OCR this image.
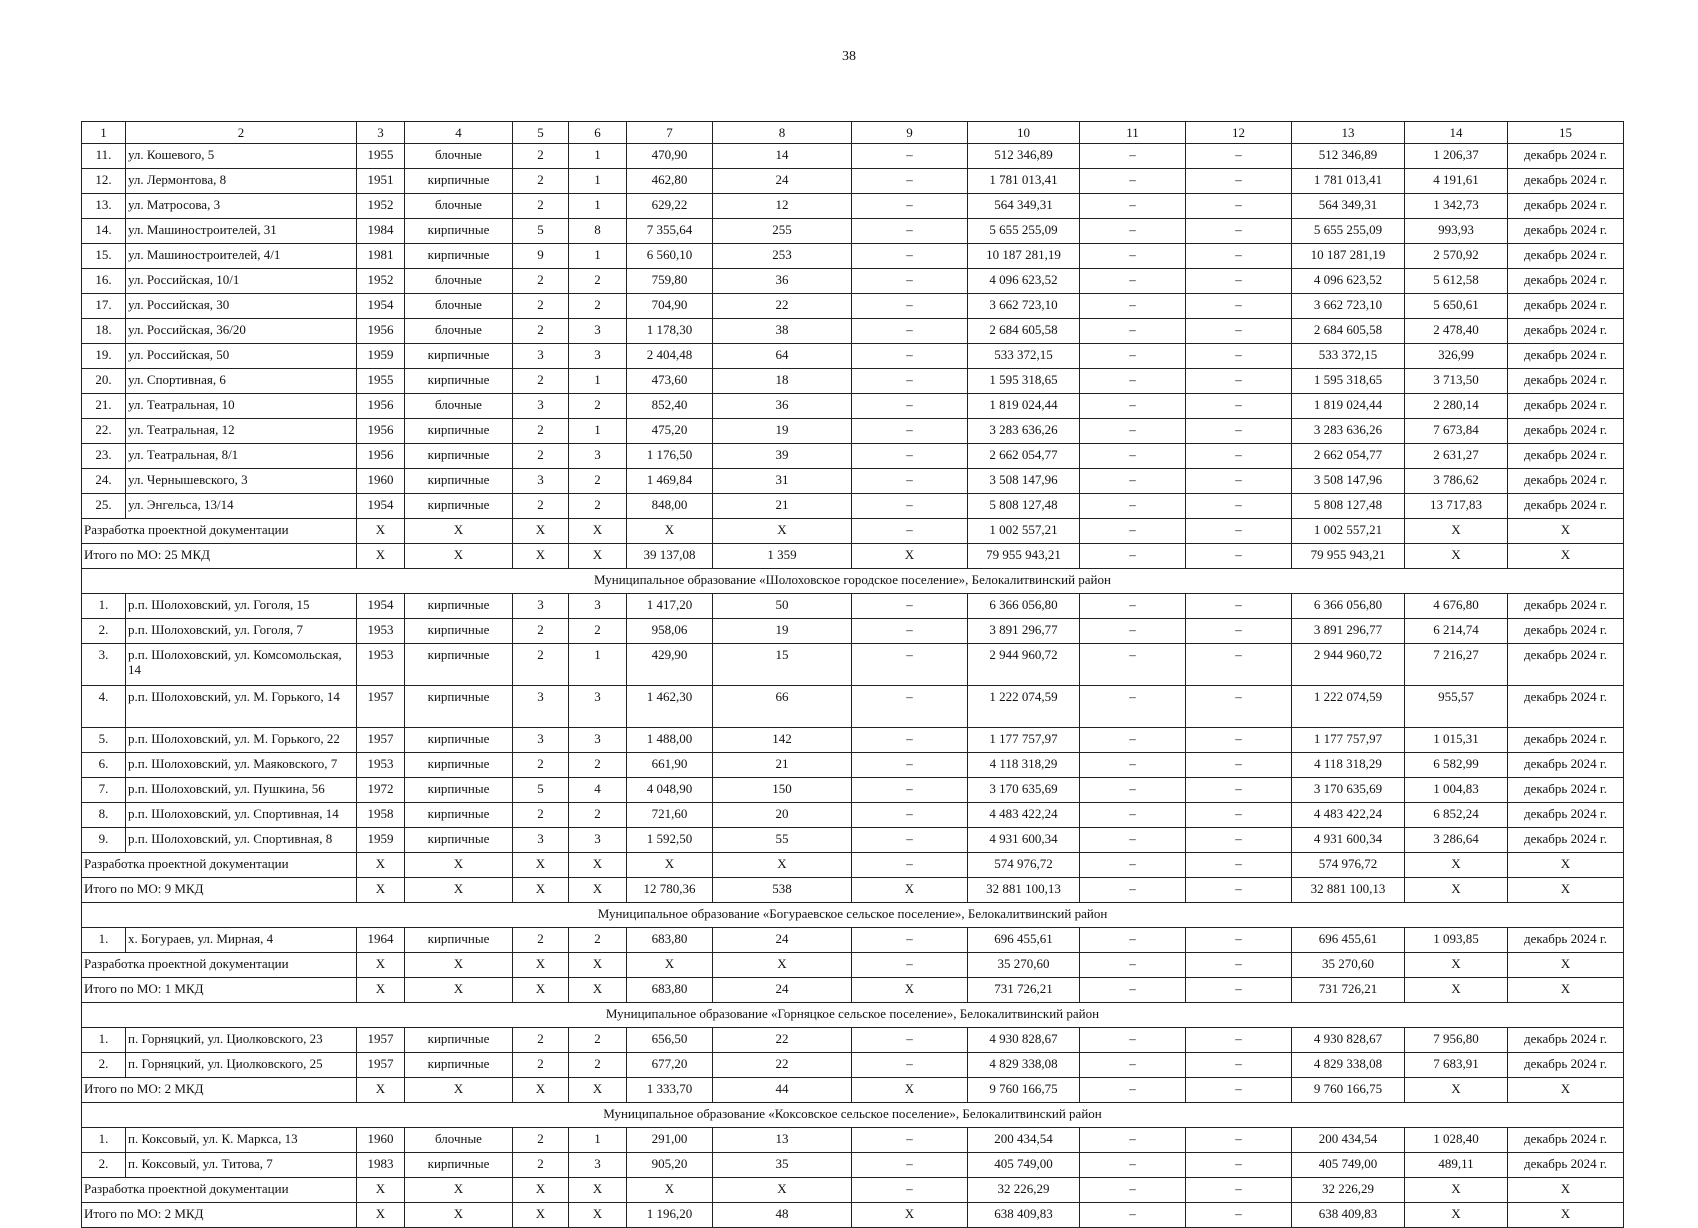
38
1	2	3	4	5	6	7	8	9	10	11	12	13	14	15
11.	ул. Кошевого, 5	1955	блочные	2	1	470,90	14	–	512 346,89	–	–	512 346,89	1 206,37	декабрь 2024 г.
12.	ул. Лермонтова, 8	1951	кирпичные	2	1	462,80	24	–	1 781 013,41	–	–	1 781 013,41	4 191,61	декабрь 2024 г.
13.	ул. Матросова, 3	1952	блочные	2	1	629,22	12	–	564 349,31	–	–	564 349,31	1 342,73	декабрь 2024 г.
14.	ул. Машиностроителей, 31	1984	кирпичные	5	8	7 355,64	255	–	5 655 255,09	–	–	5 655 255,09	993,93	декабрь 2024 г.
15.	ул. Машиностроителей, 4/1	1981	кирпичные	9	1	6 560,10	253	–	10 187 281,19	–	–	10 187 281,19	2 570,92	декабрь 2024 г.
16.	ул. Российская, 10/1	1952	блочные	2	2	759,80	36	–	4 096 623,52	–	–	4 096 623,52	5 612,58	декабрь 2024 г.
17.	ул. Российская, 30	1954	блочные	2	2	704,90	22	–	3 662 723,10	–	–	3 662 723,10	5 650,61	декабрь 2024 г.
18.	ул. Российская, 36/20	1956	блочные	2	3	1 178,30	38	–	2 684 605,58	–	–	2 684 605,58	2 478,40	декабрь 2024 г.
19.	ул. Российская, 50	1959	кирпичные	3	3	2 404,48	64	–	533 372,15	–	–	533 372,15	326,99	декабрь 2024 г.
20.	ул. Спортивная, 6	1955	кирпичные	2	1	473,60	18	–	1 595 318,65	–	–	1 595 318,65	3 713,50	декабрь 2024 г.
21.	ул. Театральная, 10	1956	блочные	3	2	852,40	36	–	1 819 024,44	–	–	1 819 024,44	2 280,14	декабрь 2024 г.
22.	ул. Театральная, 12	1956	кирпичные	2	1	475,20	19	–	3 283 636,26	–	–	3 283 636,26	7 673,84	декабрь 2024 г.
23.	ул. Театральная, 8/1	1956	кирпичные	2	3	1 176,50	39	–	2 662 054,77	–	–	2 662 054,77	2 631,27	декабрь 2024 г.
24.	ул. Чернышевского, 3	1960	кирпичные	3	2	1 469,84	31	–	3 508 147,96	–	–	3 508 147,96	3 786,62	декабрь 2024 г.
25.	ул. Энгельса, 13/14	1954	кирпичные	2	2	848,00	21	–	5 808 127,48	–	–	5 808 127,48	13 717,83	декабрь 2024 г.
Разработка проектной документации		Х	Х	Х	Х	Х	Х	–	1 002 557,21	–	–	1 002 557,21	Х	Х
Итого по МО: 25 МКД		Х	Х	Х	Х	39 137,08	1 359	Х	79 955 943,21	–	–	79 955 943,21	Х	Х
Муниципальное образование «Шолоховское городское поселение», Белокалитвинский район														
1.	р.п. Шолоховский, ул. Гоголя, 15	1954	кирпичные	3	3	1 417,20	50	–	6 366 056,80	–	–	6 366 056,80	4 676,80	декабрь 2024 г.
2.	р.п. Шолоховский, ул. Гоголя, 7	1953	кирпичные	2	2	958,06	19	–	3 891 296,77	–	–	3 891 296,77	6 214,74	декабрь 2024 г.
3.	р.п. Шолоховский, ул. Комсомольская, 14	1953	кирпичные	2	1	429,90	15	–	2 944 960,72	–	–	2 944 960,72	7 216,27	декабрь 2024 г.
4.	р.п. Шолоховский, ул. М. Горького, 14	1957	кирпичные	3	3	1 462,30	66	–	1 222 074,59	–	–	1 222 074,59	955,57	декабрь 2024 г.
5.	р.п. Шолоховский, ул. М. Горького, 22	1957	кирпичные	3	3	1 488,00	142	–	1 177 757,97	–	–	1 177 757,97	1 015,31	декабрь 2024 г.
6.	р.п. Шолоховский, ул. Маяковского, 7	1953	кирпичные	2	2	661,90	21	–	4 118 318,29	–	–	4 118 318,29	6 582,99	декабрь 2024 г.
7.	р.п. Шолоховский, ул. Пушкина, 56	1972	кирпичные	5	4	4 048,90	150	–	3 170 635,69	–	–	3 170 635,69	1 004,83	декабрь 2024 г.
8.	р.п. Шолоховский, ул. Спортивная, 14	1958	кирпичные	2	2	721,60	20	–	4 483 422,24	–	–	4 483 422,24	6 852,24	декабрь 2024 г.
9.	р.п. Шолоховский, ул. Спортивная, 8	1959	кирпичные	3	3	1 592,50	55	–	4 931 600,34	–	–	4 931 600,34	3 286,64	декабрь 2024 г.
Разработка проектной документации		Х	Х	Х	Х	Х	Х	–	574 976,72	–	–	574 976,72	Х	Х
Итого по МО: 9 МКД		Х	Х	Х	Х	12 780,36	538	Х	32 881 100,13	–	–	32 881 100,13	Х	Х
Муниципальное образование «Богураевское сельское поселение», Белокалитвинский район														
1.	х. Богураев, ул. Мирная, 4	1964	кирпичные	2	2	683,80	24	–	696 455,61	–	–	696 455,61	1 093,85	декабрь 2024 г.
Разработка проектной документации		Х	Х	Х	Х	Х	Х	–	35 270,60	–	–	35 270,60	Х	Х
Итого по МО: 1 МКД		Х	Х	Х	Х	683,80	24	Х	731 726,21	–	–	731 726,21	Х	Х
Муниципальное образование «Горняцкое сельское поселение», Белокалитвинский район														
1.	п. Горняцкий, ул. Циолковского, 23	1957	кирпичные	2	2	656,50	22	–	4 930 828,67	–	–	4 930 828,67	7 956,80	декабрь 2024 г.
2.	п. Горняцкий, ул. Циолковского, 25	1957	кирпичные	2	2	677,20	22	–	4 829 338,08	–	–	4 829 338,08	7 683,91	декабрь 2024 г.
Итого по МО: 2 МКД		Х	Х	Х	Х	1 333,70	44	Х	9 760 166,75	–	–	9 760 166,75	Х	Х
Муниципальное образование «Коксовское сельское поселение», Белокалитвинский район														
1.	п. Коксовый, ул. К. Маркса, 13	1960	блочные	2	1	291,00	13	–	200 434,54	–	–	200 434,54	1 028,40	декабрь 2024 г.
2.	п. Коксовый, ул. Титова, 7	1983	кирпичные	2	3	905,20	35	–	405 749,00	–	–	405 749,00	489,11	декабрь 2024 г.
Разработка проектной документации		Х	Х	Х	Х	Х	Х	–	32 226,29	–	–	32 226,29	Х	Х
Итого по МО: 2 МКД		Х	Х	Х	Х	1 196,20	48	Х	638 409,83	–	–	638 409,83	Х	Х
